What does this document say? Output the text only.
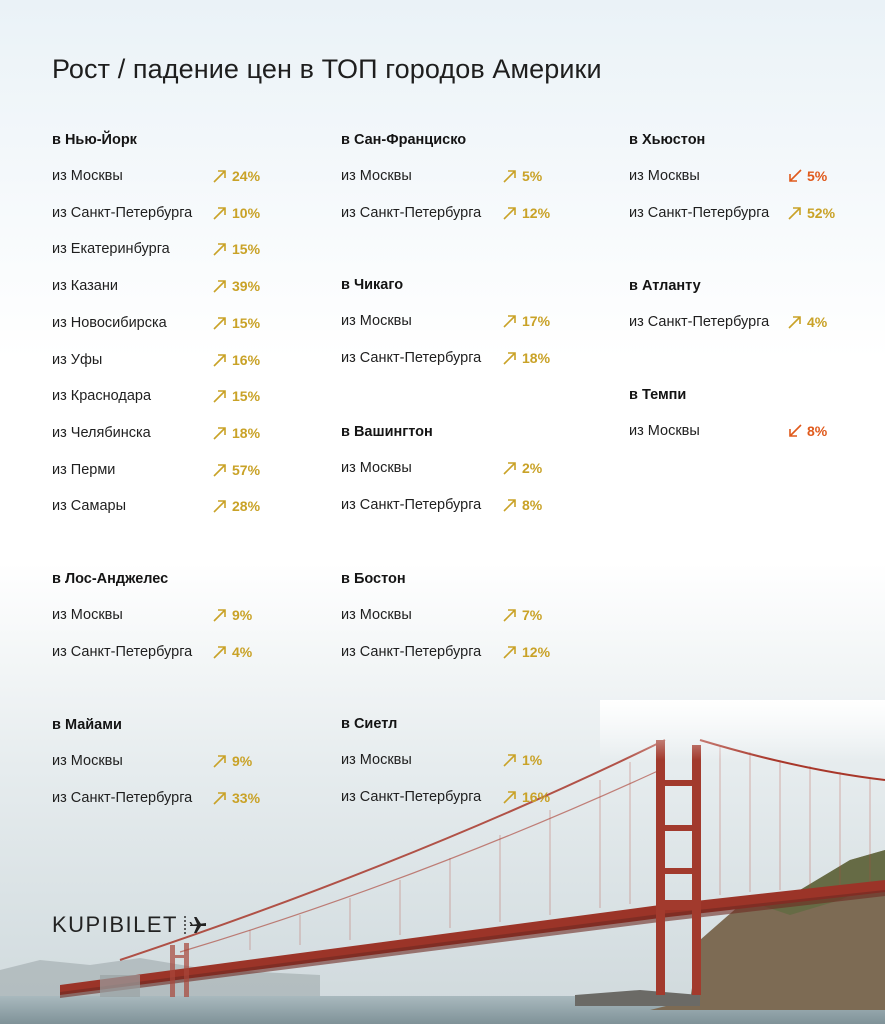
Рост / падение цен в ТОП городов Америки
в Нью-Йорк
из Москвы	24%
из Санкт-Петербурга	10%
из Екатеринбурга	15%
из Казани	39%
из Новосибирска	15%
из Уфы	16%
из Краснодара	15%
из Челябинска	18%
из Перми	57%
из Самары	28%
в Лос-Анджелес
из Москвы	9%
из Санкт-Петербурга	4%
в Майами
из Москвы	9%
из Санкт-Петербурга	33%
в Сан-Франциско
из Москвы	5%
из Санкт-Петербурга	12%
в Чикаго
из Москвы	17%
из Санкт-Петербурга	18%
в Вашингтон
из Москвы	2%
из Санкт-Петербурга	8%
в Бостон
из Москвы	7%
из Санкт-Петербурга	12%
в Сиетл
из Москвы	1%
из Санкт-Петербурга	16%
в Хьюстон
из Москвы	5%
из Санкт-Петербурга	52%
в Атланту
из Санкт-Петербурга	4%
в Темпи
из Москвы	8%
KUPIBILET
